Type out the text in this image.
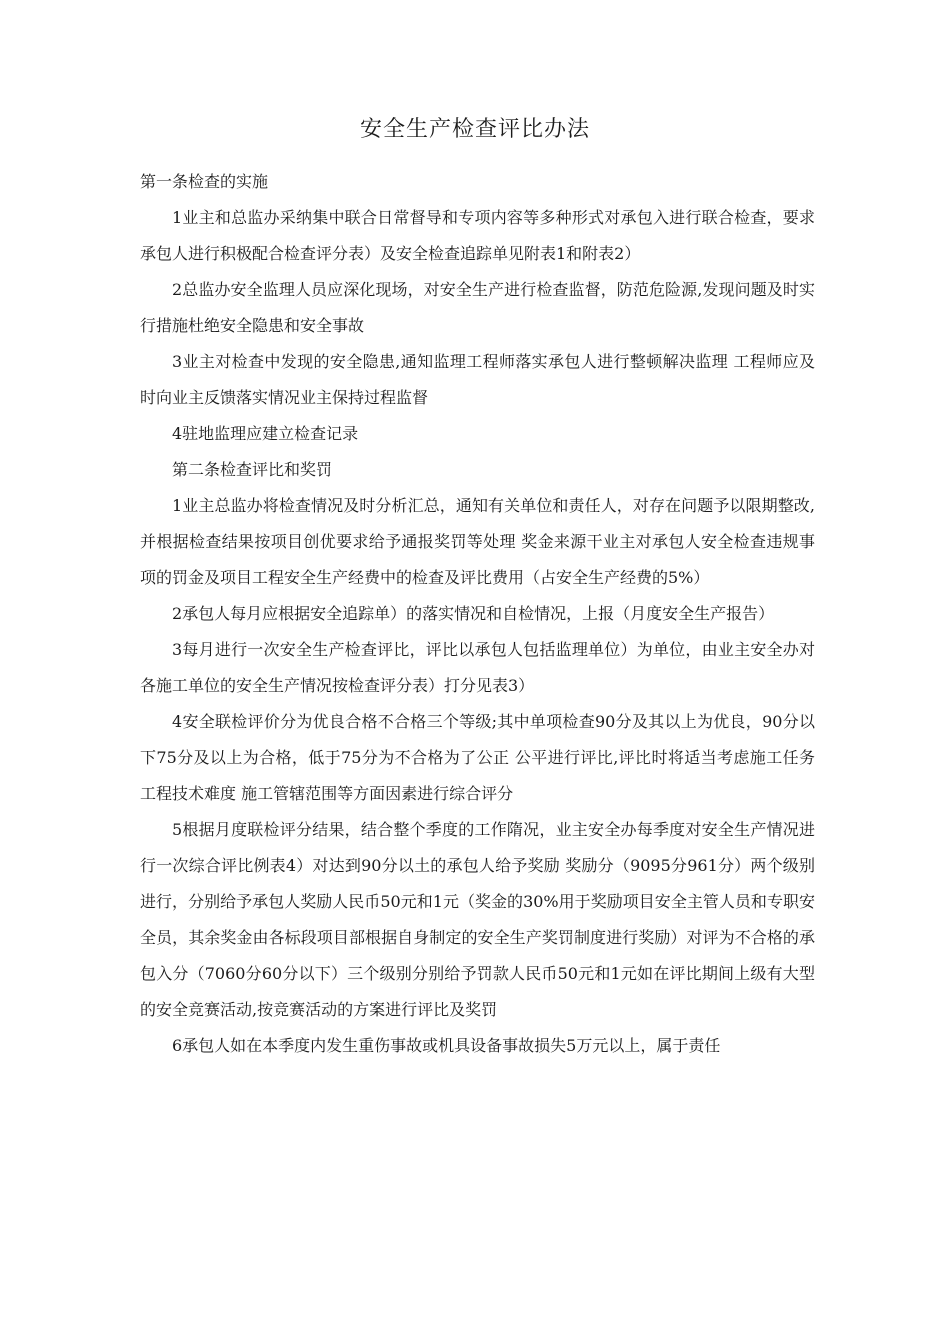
安全生产检查评比办法

第一条检查的实施

1业主和总监办采纳集中联合日常督导和专项内容等多种形式对承包入进行联合检查，要求承包人进行积极配合检查评分表）及安全检查追踪单见附表1和附表2）

2总监办安全监理人员应深化现场，对安全生产进行检查监督，防范危险源,发现问题及时实行措施杜绝安全隐患和安全事故

3业主对检查中发现的安全隐患,通知监理工程师落实承包人进行整顿解决监理 工程师应及时向业主反馈落实情况业主保持过程监督

4驻地监理应建立检查记录

第二条检查评比和奖罚

1业主总监办将检查情况及时分析汇总，通知有关单位和责任人，对存在问题予以限期整改,并根据检查结果按项目创优要求给予通报奖罚等处理 奖金来源干业主对承包人安全检查违规事项的罚金及项目工程安全生产经费中的检查及评比费用（占安全生产经费的5%）

2承包人每月应根据安全追踪单）的落实情况和自检情况，上报（月度安全生产报告）

3每月进行一次安全生产检查评比，评比以承包人包括监理单位）为单位，由业主安全办对各施工单位的安全生产情况按检查评分表）打分见表3）

4安全联检评价分为优良合格不合格三个等级;其中单项检查90分及其以上为优良，90分以下75分及以上为合格，低于75分为不合格为了公正 公平进行评比,评比时将适当考虑施工任务 工程技术难度 施工管辖范围等方面因素进行综合评分

5根据月度联检评分结果，结合整个季度的工作隋况，业主安全办每季度对安全生产情况进行一次综合评比例表4）对达到90分以土的承包人给予奖励 奖励分（9095分961分）两个级别进行，分别给予承包人奖励人民币50元和1元（奖金的30%用于奖励项目安全主管人员和专职安全员，其余奖金由各标段项目部根据自身制定的安全生产奖罚制度进行奖励）对评为不合格的承包入分（7060分60分以下）三个级别分别给予罚款人民币50元和1元如在评比期间上级有大型的安全竞赛活动,按竞赛活动的方案进行评比及奖罚

6承包人如在本季度内发生重伤事故或机具设备事故损失5万元以上，属于责任
